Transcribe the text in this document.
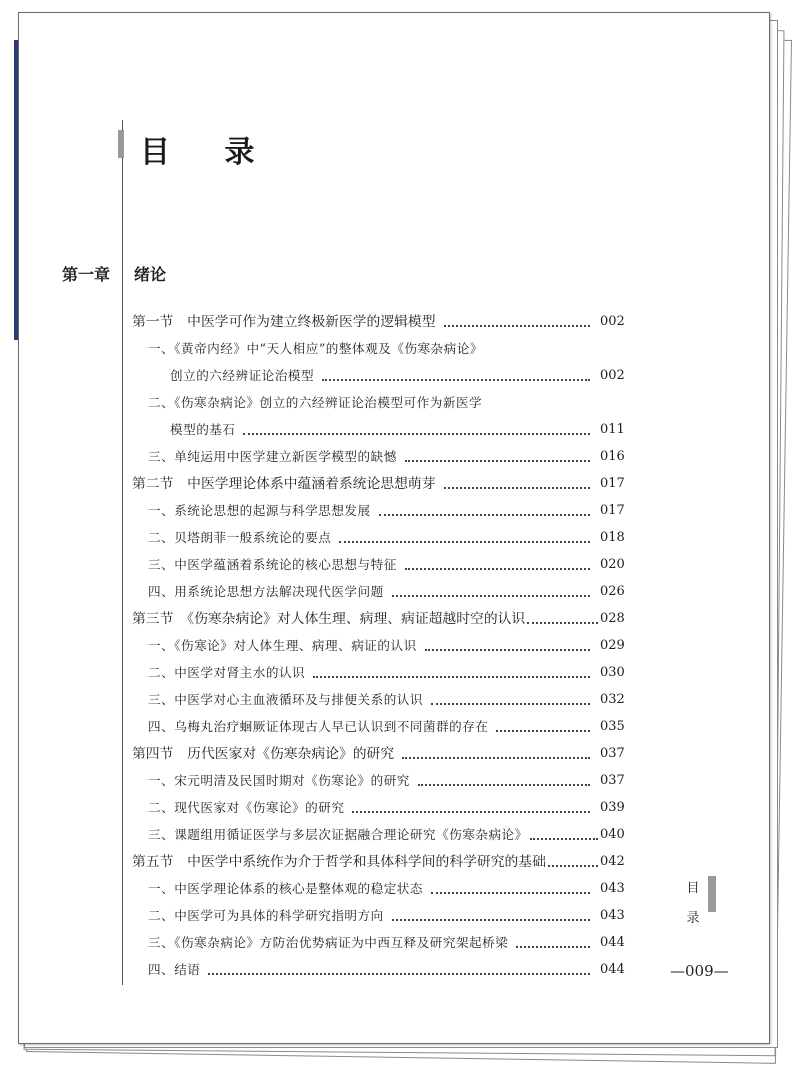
目 录
第一章 绪论
第一节　中医学可作为建立终极新医学的逻辑模型	002
一、《黄帝内经》中“天人相应”的整体观及《伤寒杂病论》
创立的六经辨证论治模型	002
二、《伤寒杂病论》创立的六经辨证论治模型可作为新医学
模型的基石	011
三、单纯运用中医学建立新医学模型的缺憾	016
第二节　中医学理论体系中蕴涵着系统论思想萌芽	017
一、系统论思想的起源与科学思想发展	017
二、贝塔朗菲一般系统论的要点	018
三、中医学蕴涵着系统论的核心思想与特征	020
四、用系统论思想方法解决现代医学问题	026
第三节　《伤寒杂病论》对人体生理、病理、病证超越时空的认识	028
一、《伤寒论》对人体生理、病理、病证的认识	029
二、中医学对肾主水的认识	030
三、中医学对心主血液循环及与排便关系的认识	032
四、乌梅丸治疗蛔厥证体现古人早已认识到不同菌群的存在	035
第四节　历代医家对《伤寒杂病论》的研究	037
一、宋元明清及民国时期对《伤寒论》的研究	037
二、现代医家对《伤寒论》的研究	039
三、课题组用循证医学与多层次证据融合理论研究《伤寒杂病论》	040
第五节　中医学中系统作为介于哲学和具体科学间的科学研究的基础	042
一、中医学理论体系的核心是整体观的稳定状态	043
二、中医学可为具体的科学研究指明方向	043
三、《伤寒杂病论》方防治优势病证为中西互释及研究架起桥梁	044
四、结语	044
目录
—009—
